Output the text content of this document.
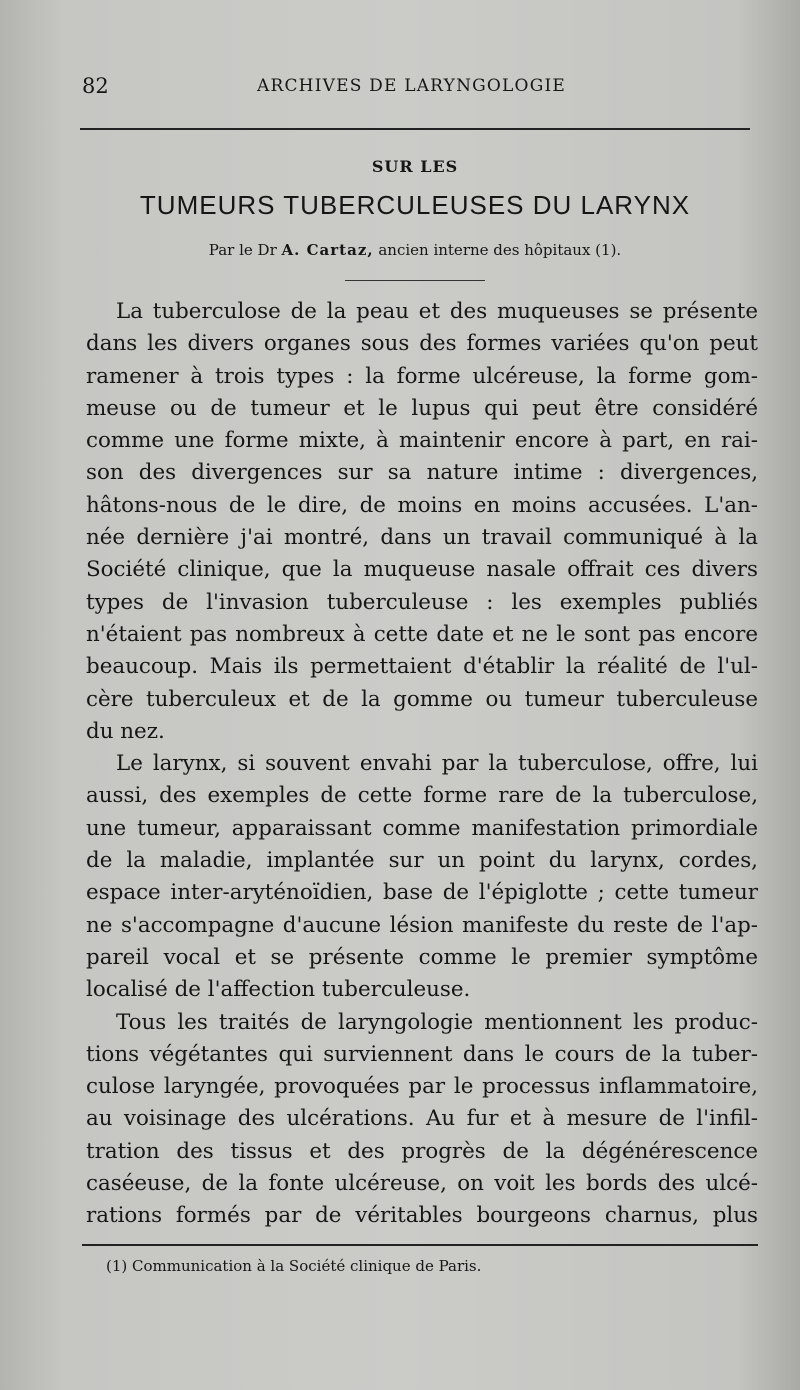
82	ARCHIVES DE LARYNGOLOGIE
SUR LES
TUMEURS TUBERCULEUSES DU LARYNX
Par le Dr A. Cartaz, ancien interne des hôpitaux (1).
La tuberculose de la peau et des muqueuses se présente
dans les divers organes sous des formes variées qu'on peut
ramener à trois types : la forme ulcéreuse, la forme gom-
meuse ou de tumeur et le lupus qui peut être considéré
comme une forme mixte, à maintenir encore à part, en rai-
son des divergences sur sa nature intime : divergences,
hâtons-nous de le dire, de moins en moins accusées. L'an-
née dernière j'ai montré, dans un travail communiqué à la
Société clinique, que la muqueuse nasale offrait ces divers
types de l'invasion tuberculeuse : les exemples publiés
n'étaient pas nombreux à cette date et ne le sont pas encore
beaucoup. Mais ils permettaient d'établir la réalité de l'ul-
cère tuberculeux et de la gomme ou tumeur tuberculeuse
du nez.
Le larynx, si souvent envahi par la tuberculose, offre, lui
aussi, des exemples de cette forme rare de la tuberculose,
une tumeur, apparaissant comme manifestation primordiale
de la maladie, implantée sur un point du larynx, cordes,
espace inter-aryténoïdien, base de l'épiglotte ; cette tumeur
ne s'accompagne d'aucune lésion manifeste du reste de l'ap-
pareil vocal et se présente comme le premier symptôme
localisé de l'affection tuberculeuse.
Tous les traités de laryngologie mentionnent les produc-
tions végétantes qui surviennent dans le cours de la tuber-
culose laryngée, provoquées par le processus inflammatoire,
au voisinage des ulcérations. Au fur et à mesure de l'infil-
tration des tissus et des progrès de la dégénérescence
caséeuse, de la fonte ulcéreuse, on voit les bords des ulcé-
rations formés par de véritables bourgeons charnus, plus
(1) Communication à la Société clinique de Paris.
